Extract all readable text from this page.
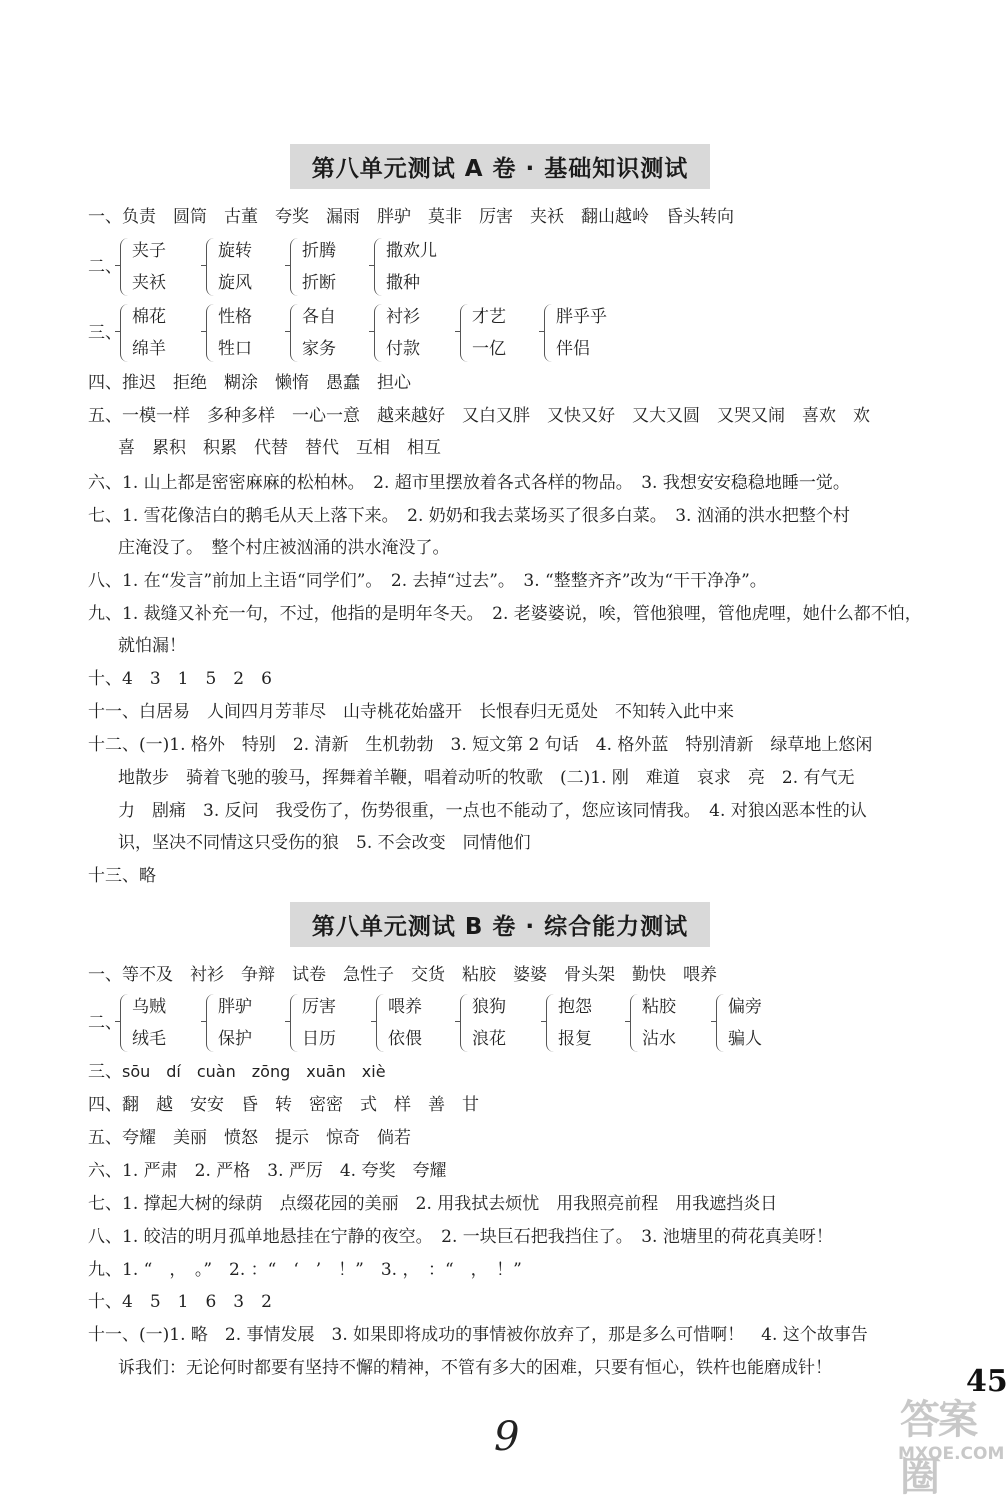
第八单元测试 A 卷 · 基础知识测试
一、负责　圆筒　古董　夸奖　漏雨　胖驴　莫非　厉害　夹袄　翻山越岭　昏头转向
二、
夹子
夹袄
旋转
旋风
折腾
折断
撒欢儿
撒种
三、
棉花
绵羊
性格
牲口
各自
家务
衬衫
付款
才艺
一亿
胖乎乎
伴侣
四、推迟　拒绝　糊涂　懒惰　愚蠢　担心
五、一模一样　多种多样　一心一意　越来越好　又白又胖　又快又好　又大又圆　又哭又闹　喜欢　欢
喜　累积　积累　代替　替代　互相　相互
六、1. 山上都是密密麻麻的松柏林。　2. 超市里摆放着各式各样的物品。　3. 我想安安稳稳地睡一觉。
七、1. 雪花像洁白的鹅毛从天上落下来。　2. 奶奶和我去菜场买了很多白菜。　3. 汹涌的洪水把整个村
庄淹没了。　整个村庄被汹涌的洪水淹没了。
八、1. 在“发言”前加上主语“同学们”。　2. 去掉“过去”。　3. “整整齐齐”改为“干干净净”。
九、1. 裁缝又补充一句，不过，他指的是明年冬天。　2. 老婆婆说，唉，管他狼哩，管他虎哩，她什么都不怕，
就怕漏！
十、4　3　1　5　2　6
十一、白居易　人间四月芳菲尽　山寺桃花始盛开　长恨春归无觅处　不知转入此中来
十二、(一)1. 格外　特别　2. 清新　生机勃勃　3. 短文第 2 句话　4. 格外蓝　特别清新　绿草地上悠闲
地散步　骑着飞驰的骏马，挥舞着羊鞭，唱着动听的牧歌　(二)1. 刚　难道　哀求　亮　2. 有气无
力　剧痛　3. 反问　我受伤了，伤势很重，一点也不能动了，您应该同情我。　4. 对狼凶恶本性的认
识，坚决不同情这只受伤的狼　5. 不会改变　同情他们
十三、略
第八单元测试 B 卷 · 综合能力测试
一、等不及　衬衫　争辩　试卷　急性子　交货　粘胶　婆婆　骨头架　勤快　喂养
二、
乌贼
绒毛
胖驴
保护
厉害
日历
喂养
依偎
狼狗
浪花
抱怨
报复
粘胶
沾水
偏旁
骗人
三、sōu　dí　cuàn　zōng　xuān　xiè
四、翻　越　安安　昏　转　密密　式　样　善　甘
五、夸耀　美丽　愤怒　提示　惊奇　倘若
六、1. 严肃　2. 严格　3. 严厉　4. 夸奖　夸耀
七、1. 撑起大树的绿荫　点缀花园的美丽　2. 用我拭去烦忧　用我照亮前程　用我遮挡炎日
八、1. 皎洁的明月孤单地悬挂在宁静的夜空。　2. 一块巨石把我挡住了。　3. 池塘里的荷花真美呀！
九、1. “　，　。”　2. ：“　‘　’　！”　3. ，　：“　，　！”
十、4　5　1　6　3　2
十一、(一)1. 略　2. 事情发展　3. 如果即将成功的事情被你放弃了，那是多么可惜啊！　4. 这个故事告
诉我们：无论何时都要有坚持不懈的精神，不管有多大的困难，只要有恒心，铁杵也能磨成针！	45
9	答案圈
MXQE.COM
